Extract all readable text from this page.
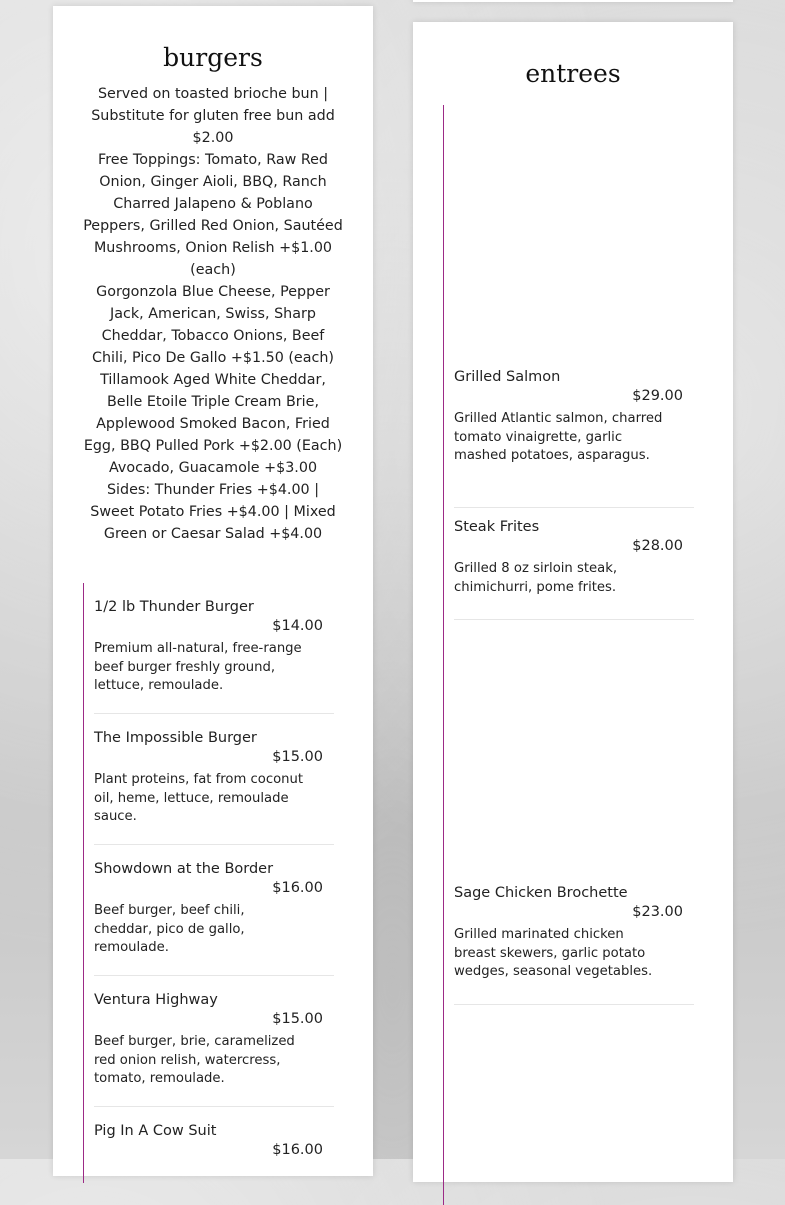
burgers

Served on toasted brioche bun | Substitute for gluten free bun add $2.00

Free Toppings: Tomato, Raw Red Onion, Ginger Aioli, BBQ, Ranch

Charred Jalapeno & Poblano Peppers, Grilled Red Onion, Sautéed Mushrooms, Onion Relish +$1.00 (each)

Gorgonzola Blue Cheese, Pepper Jack, American, Swiss, Sharp Cheddar, Tobacco Onions, Beef Chili, Pico De Gallo +$1.50 (each)

Tillamook Aged White Cheddar, Belle Etoile Triple Cream Brie, Applewood Smoked Bacon, Fried Egg, BBQ Pulled Pork +$2.00 (Each)

Avocado, Guacamole +$3.00

Sides: Thunder Fries +$4.00 | Sweet Potato Fries +$4.00 | Mixed Green or Caesar Salad +$4.00

1/2 lb Thunder Burger
$14.00
Premium all-natural, free-range beef burger freshly ground, lettuce, remoulade.
The Impossible Burger
$15.00
Plant proteins, fat from coconut oil, heme, lettuce, remoulade sauce.
Showdown at the Border
$16.00
Beef burger, beef chili, cheddar, pico de gallo, remoulade.
Ventura Highway
$15.00
Beef burger, brie, caramelized red onion relish, watercress, tomato, remoulade.
Pig In A Cow Suit
$16.00
entrees
Grilled Salmon
$29.00
Grilled Atlantic salmon, charred tomato vinaigrette, garlic mashed potatoes, asparagus.
Steak Frites
$28.00
Grilled 8 oz sirloin steak, chimichurri, pome frites.
Sage Chicken Brochette
$23.00
Grilled marinated chicken breast skewers, garlic potato wedges, seasonal vegetables.
